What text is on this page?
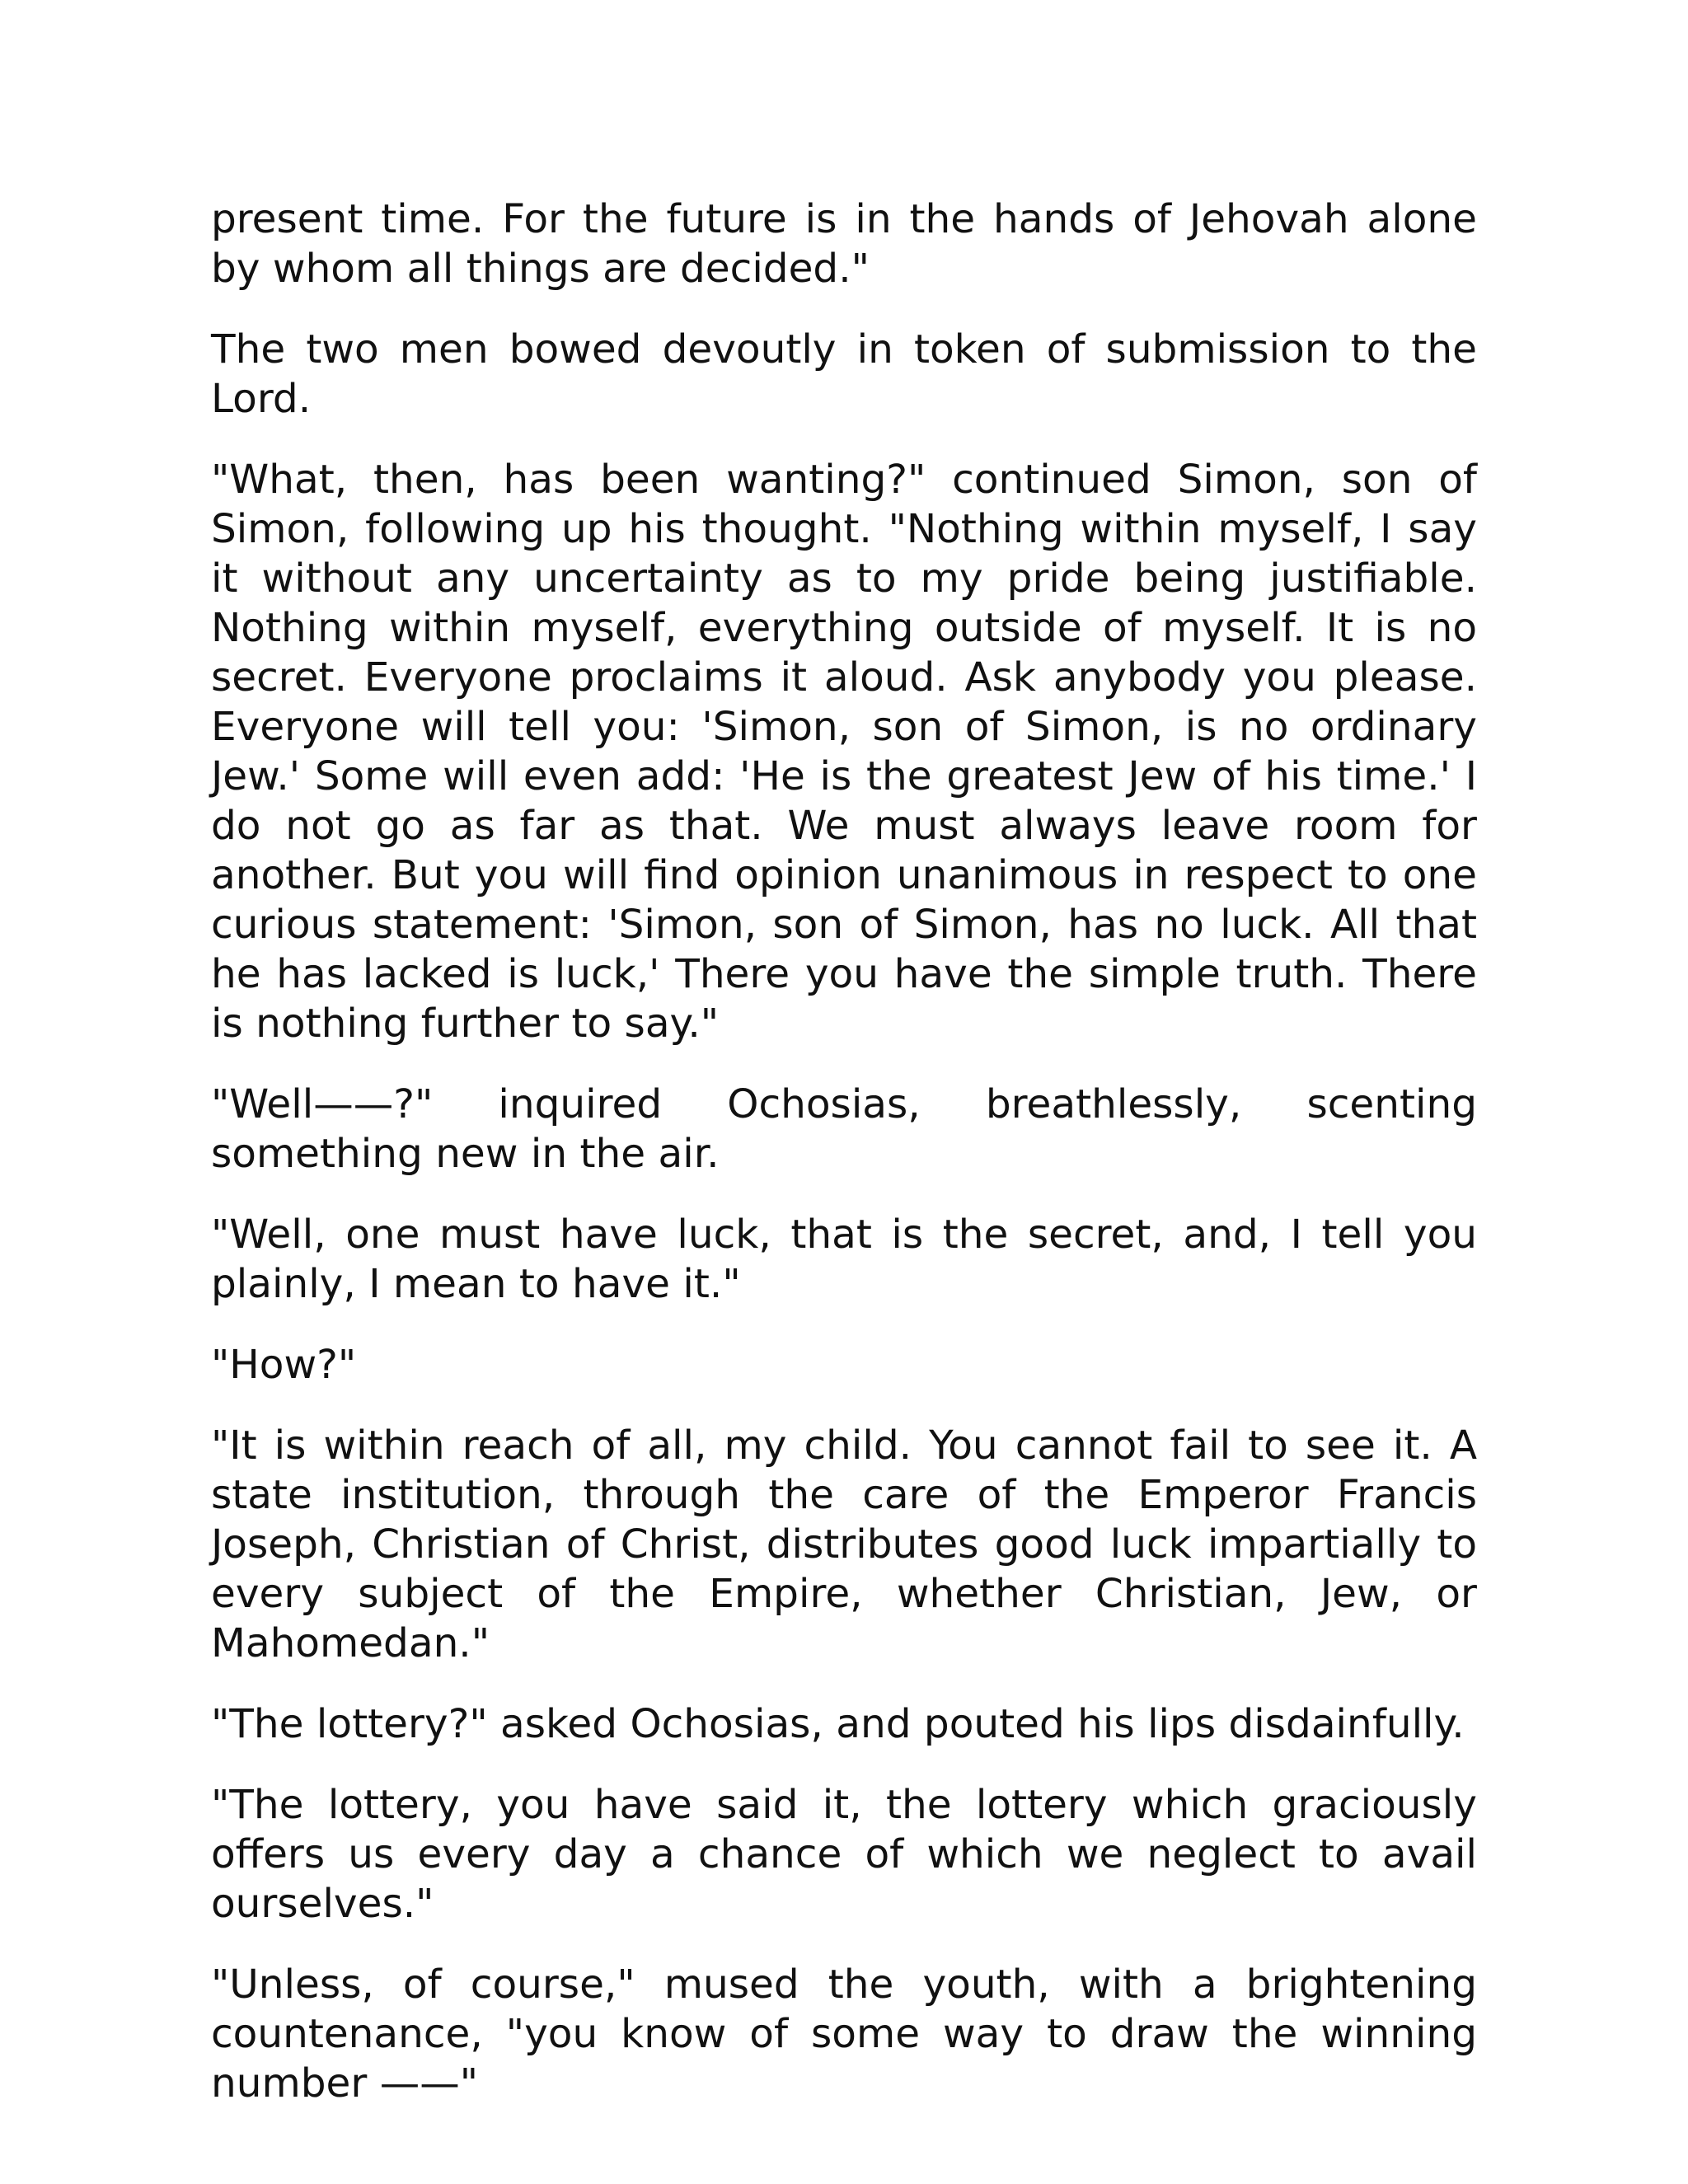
present time. For the future is in the hands of Jehovah alone by whom all things are decided."

The two men bowed devoutly in token of submission to the Lord.

"What, then, has been wanting?" continued Simon, son of Simon, following up his thought. "Nothing within myself, I say it without any uncertainty as to my pride being justifiable. Nothing within myself, everything outside of myself. It is no secret. Everyone proclaims it aloud. Ask anybody you please. Everyone will tell you: 'Simon, son of Simon, is no ordinary Jew.' Some will even add: 'He is the greatest Jew of his time.' I do not go as far as that. We must always leave room for another. But you will find opinion unanimous in respect to one curious statement: 'Simon, son of Simon, has no luck. All that he has lacked is luck,' There you have the simple truth. There is nothing further to say."

"Well——?" inquired Ochosias, breathlessly, scenting something new in the air.

"Well, one must have luck, that is the secret, and, I tell you plainly, I mean to have it."

"How?"

"It is within reach of all, my child. You cannot fail to see it. A state institution, through the care of the Emperor Francis Joseph, Christian of Christ, distributes good luck impartially to every subject of the Empire, whether Christian, Jew, or Mahomedan."

"The lottery?" asked Ochosias, and pouted his lips disdainfully.

"The lottery, you have said it, the lottery which graciously offers us every day a chance of which we neglect to avail ourselves."

"Unless, of course," mused the youth, with a brightening countenance, "you know of some way to draw the winning number ——"
